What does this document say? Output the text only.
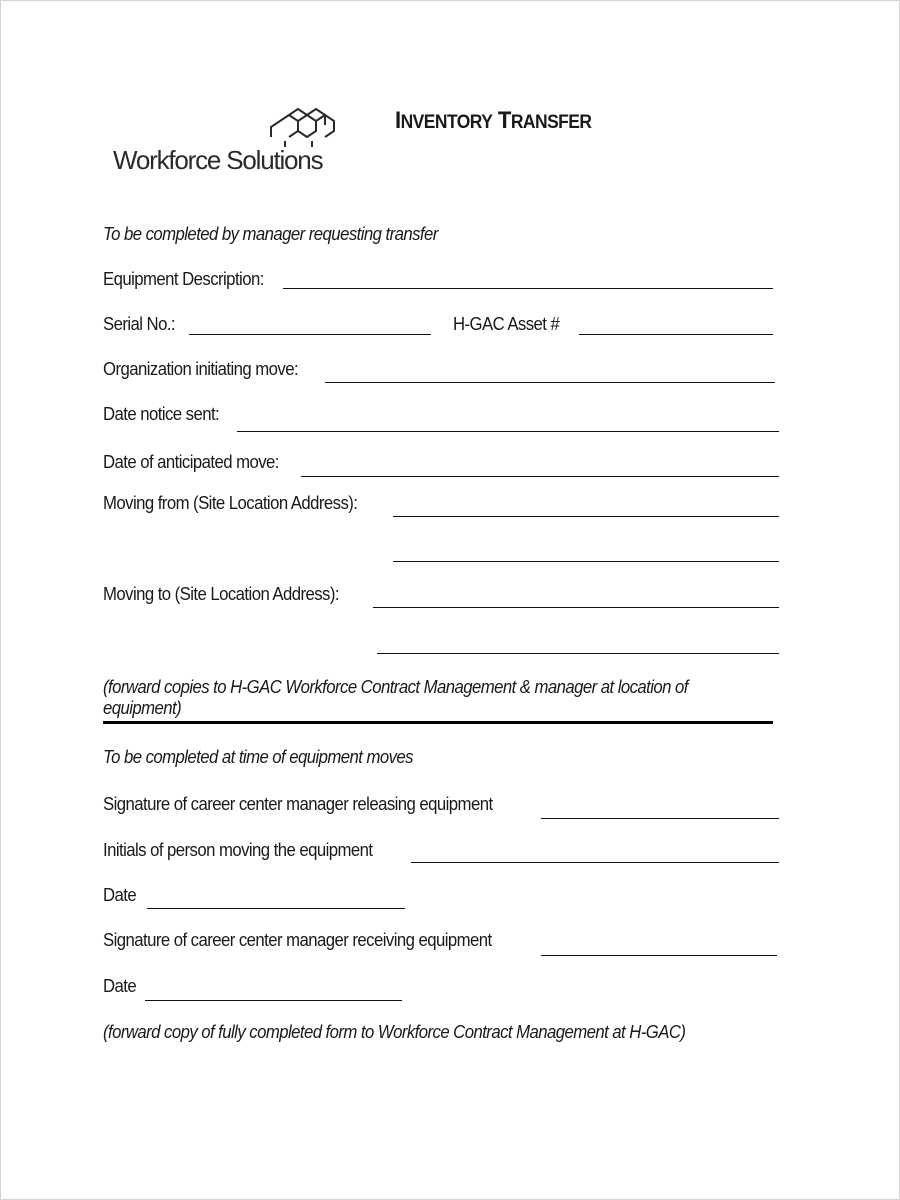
Workforce Solutions
INVENTORY TRANSFER
To be completed by manager requesting transfer
Equipment Description:
Serial No.:	H-GAC Asset #
Organization initiating move:
Date notice sent:
Date of anticipated move:
Moving from (Site Location Address):
Moving to (Site Location Address):
(forward copies to H-GAC Workforce Contract Management & manager at location of
equipment)
To be completed at time of equipment moves
Signature of career center manager releasing equipment
Initials of person moving the equipment
Date
Signature of career center manager receiving equipment
Date
(forward copy of fully completed form to Workforce Contract Management at H-GAC)
